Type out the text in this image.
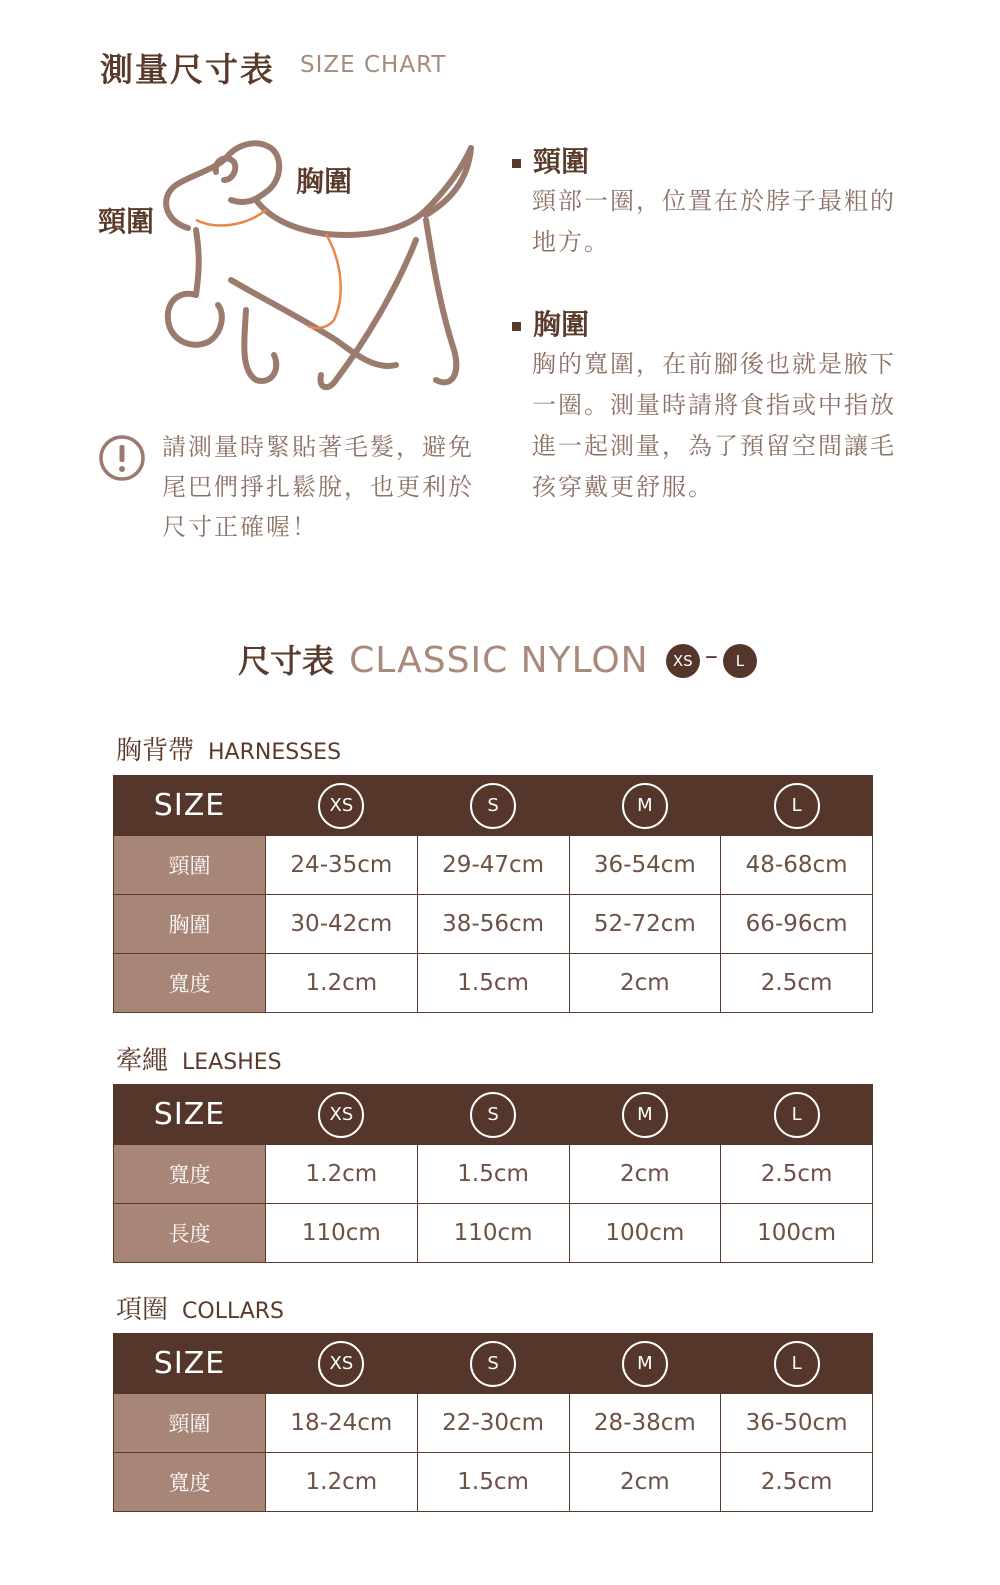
測量尺寸表 SIZE CHART
頸圍
胸圍
頸圍
頸部一圈，位置在於脖子最粗的地方。
胸圍
胸的寬圍，在前腳後也就是腋下一圈。測量時請將食指或中指放進一起測量，為了預留空間讓毛孩穿戴更舒服。
請測量時緊貼著毛髮，避免尾巴們掙扎鬆脫，也更利於尺寸正確喔！
尺寸表 CLASSIC NYLON XS – L
胸背帶 HARNESSES
SIZE	XS	S	M	L
頸圍	24-35cm	29-47cm	36-54cm	48-68cm
胸圍	30-42cm	38-56cm	52-72cm	66-96cm
寬度	1.2cm	1.5cm	2cm	2.5cm
牽繩 LEASHES
SIZE	XS	S	M	L
寬度	1.2cm	1.5cm	2cm	2.5cm
長度	110cm	110cm	100cm	100cm
項圈 COLLARS
SIZE	XS	S	M	L
頸圍	18-24cm	22-30cm	28-38cm	36-50cm
寬度	1.2cm	1.5cm	2cm	2.5cm
